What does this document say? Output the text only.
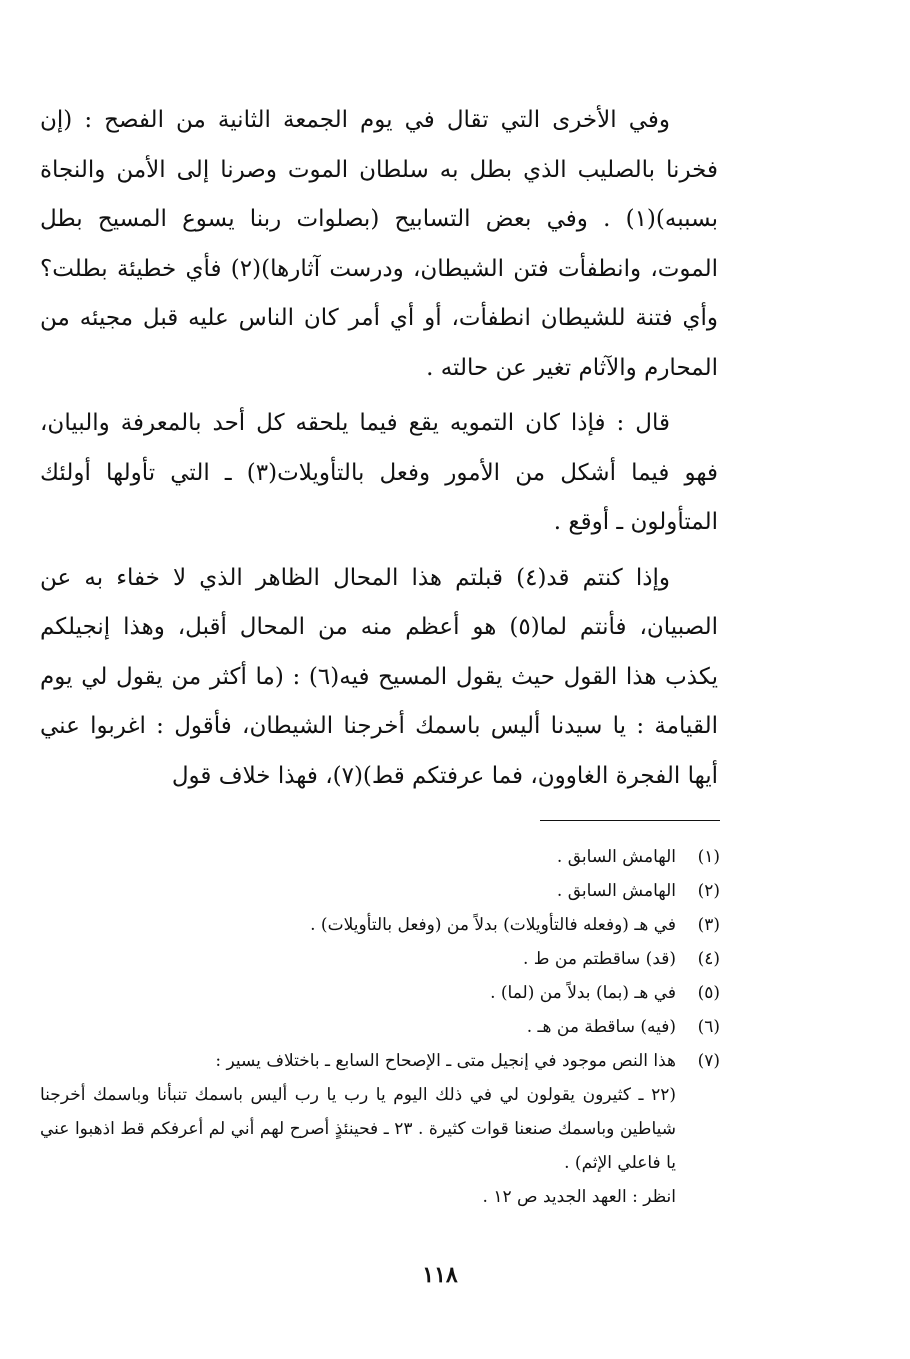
وفي الأخرى التي تقال في يوم الجمعة الثانية من الفصح : (إن فخرنا بالصليب الذي بطل به سلطان الموت وصرنا إلى الأمن والنجاة بسببه)(١) . وفي بعض التسابيح (بصلوات ربنا يسوع المسيح بطل الموت، وانطفأت فتن الشيطان، ودرست آثارها)(٢) فأي خطيئة بطلت؟ وأي فتنة للشيطان انطفأت، أو أي أمر كان الناس عليه قبل مجيئه من المحارم والآثام تغير عن حالته .

قال : فإذا كان التمويه يقع فيما يلحقه كل أحد بالمعرفة والبيان، فهو فيما أشكل من الأمور وفعل بالتأويلات(٣) ـ التي تأولها أولئك المتأولون ـ أوقع .

وإذا كنتم قد(٤) قبلتم هذا المحال الظاهر الذي لا خفاء به عن الصبيان، فأنتم لما(٥) هو أعظم منه من المحال أقبل، وهذا إنجيلكم يكذب هذا القول حيث يقول المسيح فيه(٦) : (ما أكثر من يقول لي يوم القيامة : يا سيدنا أليس باسمك أخرجنا الشيطان، فأقول : اغربوا عني أيها الفجرة الغاوون، فما عرفتكم قط)(٧)، فهذا خلاف قول

(١)
الهامش السابق .
(٢)
الهامش السابق .
(٣)
في هـ (وفعله فالتأويلات) بدلاً من (وفعل بالتأويلات) .
(٤)
(قد) ساقطتم من ط .
(٥)
في هـ (بما) بدلاً من (لما) .
(٦)
(فيه) ساقطة من هـ .
(٧)
هذا النص موجود في إنجيل متى ـ الإصحاح السابع ـ باختلاف يسير :
(٢٢ ـ كثيرون يقولون لي في ذلك اليوم يا رب يا رب أليس باسمك تنبأنا وباسمك أخرجنا شياطين وباسمك صنعنا قوات كثيرة . ٢٣ ـ فحينئذٍ أصرح لهم أني لم أعرفكم قط اذهبوا عني يا فاعلي الإثم) .
انظر : العهد الجديد ص ١٢ .
١١٨
